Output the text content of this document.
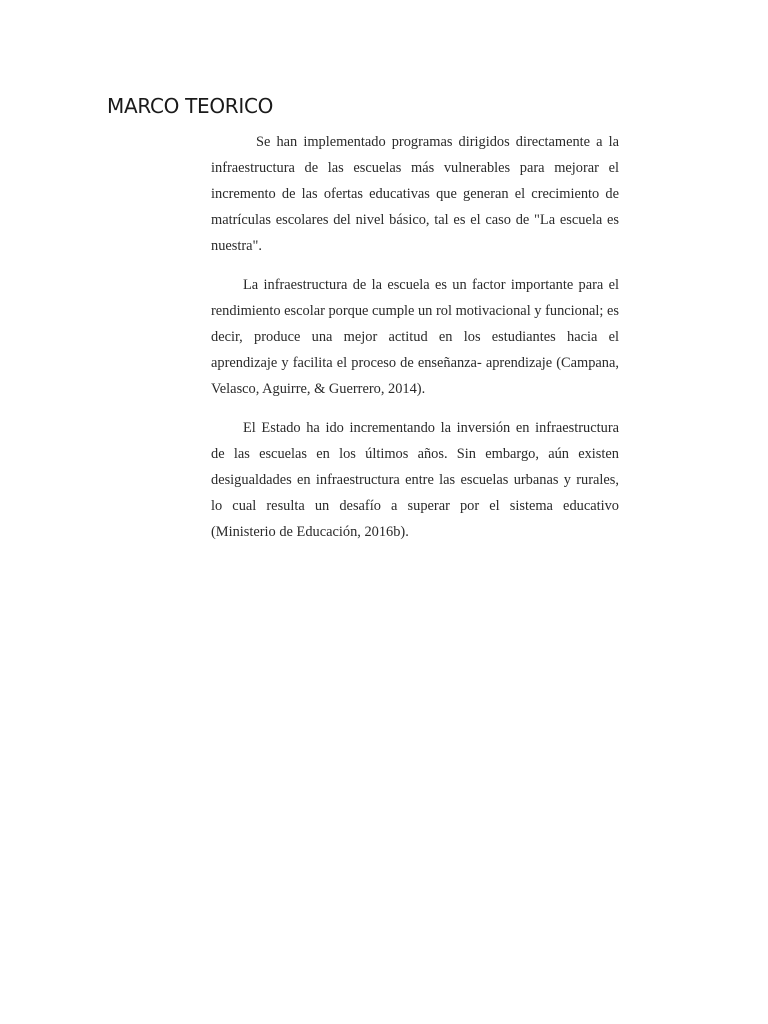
MARCO TEORICO

Se han implementado programas dirigidos directamente a la infraestructura de las escuelas más vulnerables para mejorar el incremento de las ofertas educativas que generan el crecimiento de matrículas escolares del nivel básico, tal es el caso de "La escuela es nuestra".

La infraestructura de la escuela es un factor importante para el rendimiento escolar porque cumple un rol motivacional y funcional; es decir, produce una mejor actitud en los estudiantes hacia el aprendizaje y facilita el proceso de enseñanza- aprendizaje (Campana, Velasco, Aguirre, & Guerrero, 2014).

El Estado ha ido incrementando la inversión en infraestructura de las escuelas en los últimos años. Sin embargo, aún existen desigualdades en infraestructura entre las escuelas urbanas y rurales, lo cual resulta un desafío a superar por el sistema educativo (Ministerio de Educación, 2016b).
